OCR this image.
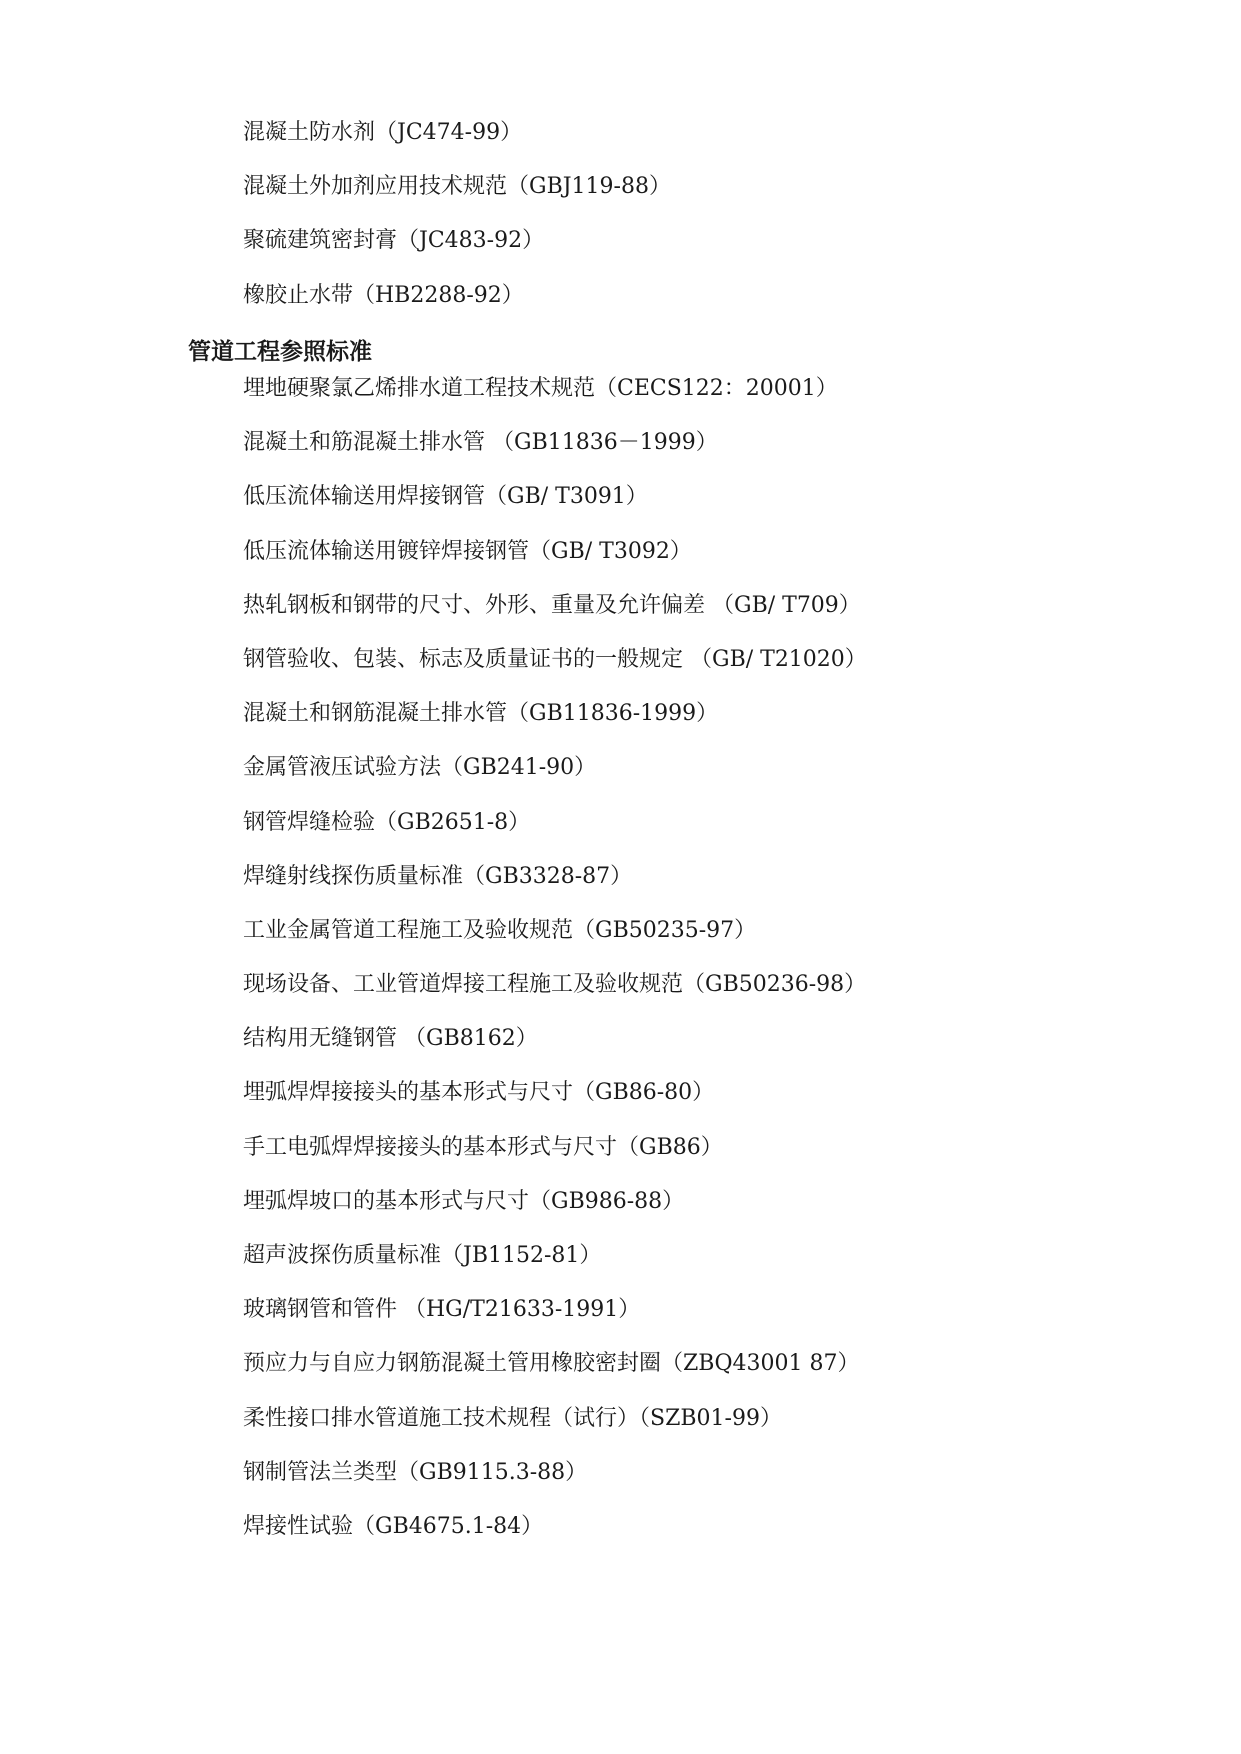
混凝土防水剂（JC474-99）
混凝土外加剂应用技术规范（GBJ119-88）
聚硫建筑密封膏（JC483-92）
橡胶止水带（HB2288-92）
管道工程参照标准
埋地硬聚氯乙烯排水道工程技术规范（CECS122：20001）
混凝土和筋混凝土排水管 （GB11836－1999）
低压流体输送用焊接钢管（GB/ T3091）
低压流体输送用镀锌焊接钢管（GB/ T3092）
热轧钢板和钢带的尺寸、外形、重量及允许偏差 （GB/ T709）
钢管验收、包装、标志及质量证书的一般规定 （GB/ T21020）
混凝土和钢筋混凝土排水管（GB11836-1999）
金属管液压试验方法（GB241-90）
钢管焊缝检验（GB2651-8）
焊缝射线探伤质量标准（GB3328-87）
工业金属管道工程施工及验收规范（GB50235-97）
现场设备、工业管道焊接工程施工及验收规范（GB50236-98）
结构用无缝钢管 （GB8162）
埋弧焊焊接接头的基本形式与尺寸（GB86-80）
手工电弧焊焊接接头的基本形式与尺寸（GB86）
埋弧焊坡口的基本形式与尺寸（GB986-88）
超声波探伤质量标准（JB1152-81）
玻璃钢管和管件 （HG/T21633-1991）
预应力与自应力钢筋混凝土管用橡胶密封圈（ZBQ43001 87）
柔性接口排水管道施工技术规程（试行）（SZB01-99）
钢制管法兰类型（GB9115.3-88）
焊接性试验（GB4675.1-84）
